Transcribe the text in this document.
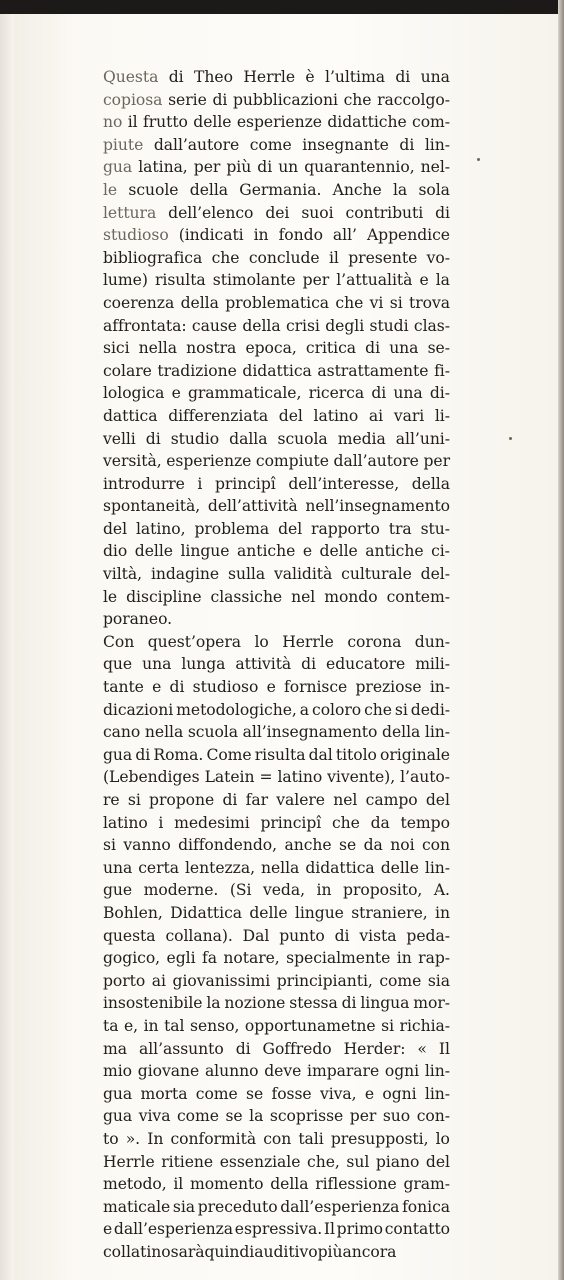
Questa di Theo Herrle è l’ultima di una
copiosa serie di pubblicazioni che raccolgo-
no il frutto delle esperienze didattiche com-
piute dall’autore come insegnante di lin-
gua latina, per più di un quarantennio, nel-
le scuole della Germania. Anche la sola
lettura dell’elenco dei suoi contributi di
studioso (indicati in fondo all’ Appendice
bibliografica che conclude il presente vo-
lume) risulta stimolante per l’attualità e la
coerenza della problematica che vi si trova
affrontata: cause della crisi degli studi clas-
sici nella nostra epoca, critica di una se-
colare tradizione didattica astrattamente fi-
lologica e grammaticale, ricerca di una di-
dattica differenziata del latino ai vari li-
velli di studio dalla scuola media all’uni-
versità, esperienze compiute dall’autore per
introdurre i principî dell’interesse, della
spontaneità, dell’attività nell’insegnamento
del latino, problema del rapporto tra stu-
dio delle lingue antiche e delle antiche ci-
viltà, indagine sulla validità culturale del-
le discipline classiche nel mondo contem-
poraneo.
Con quest’opera lo Herrle corona dun-
que una lunga attività di educatore mili-
tante e di studioso e fornisce preziose in-
dicazioni metodologiche, a coloro che si dedi-
cano nella scuola all’insegnamento della lin-
gua di Roma. Come risulta dal titolo originale
(Lebendiges Latein = latino vivente), l’auto-
re si propone di far valere nel campo del
latino i medesimi principî che da tempo
si vanno diffondendo, anche se da noi con
una certa lentezza, nella didattica delle lin-
gue moderne. (Si veda, in proposito, A.
Bohlen, Didattica delle lingue straniere, in
questa collana). Dal punto di vista peda-
gogico, egli fa notare, specialmente in rap-
porto ai giovanissimi principianti, come sia
insostenibile la nozione stessa di lingua mor-
ta e, in tal senso, opportunametne si richia-
ma all’assunto di Goffredo Herder: « Il
mio giovane alunno deve imparare ogni lin-
gua morta come se fosse viva, e ogni lin-
gua viva come se la scoprisse per suo con-
to ». In conformità con tali presupposti, lo
Herrle ritiene essenziale che, sul piano del
metodo, il momento della riflessione gram-
maticale sia preceduto dall’esperienza fonica
e dall’esperienza espressiva. Il primo contatto
col latino sarà quindi auditivo più ancora
